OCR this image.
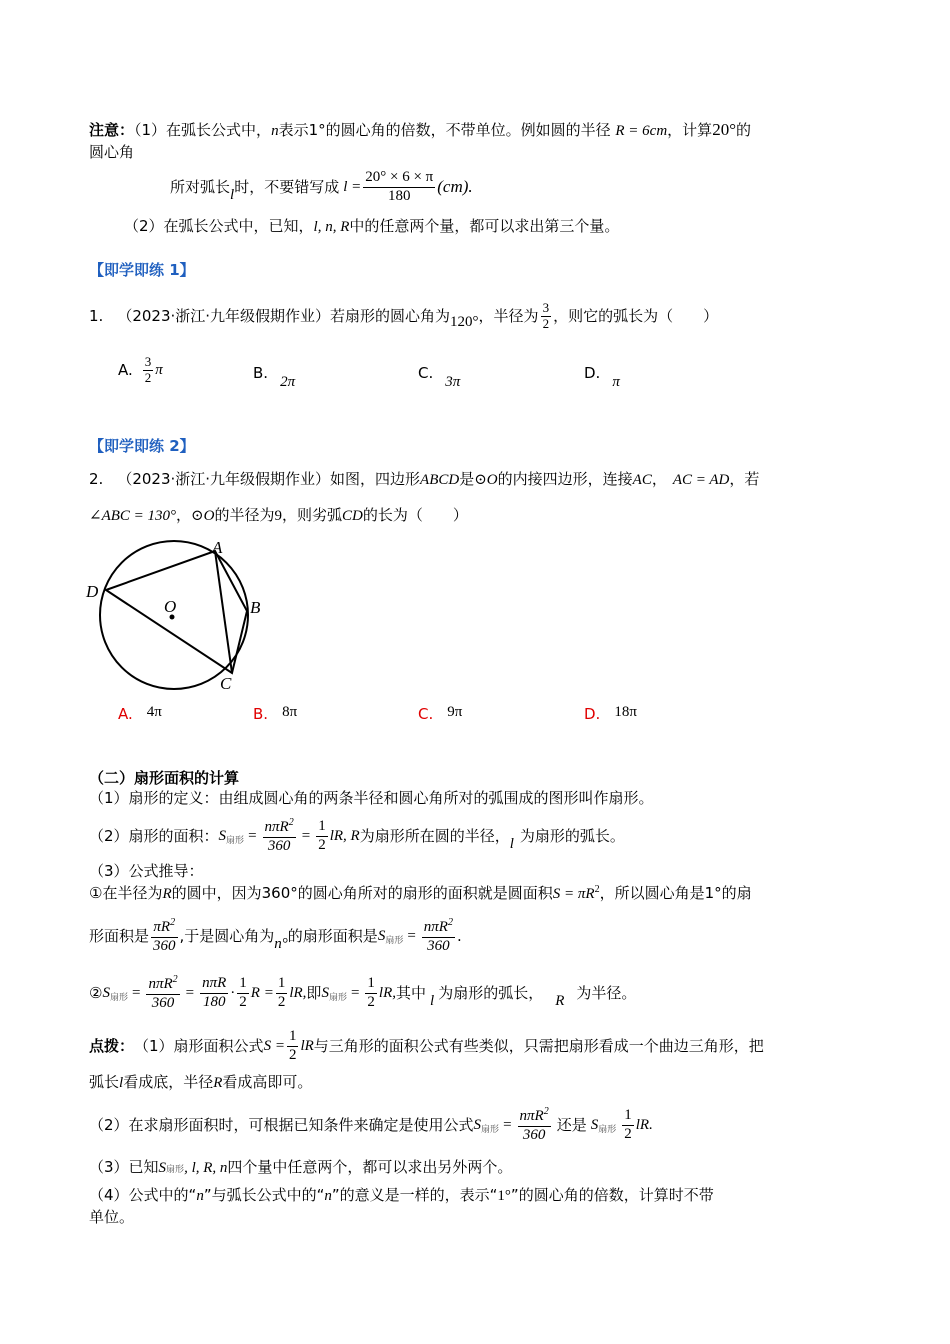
注意：（1）在弧长公式中，n表示1°的圆心角的倍数，不带单位。例如圆的半径 R = 6cm，计算20°的
圆心角
所对弧长 l 时，不要错写成 $l = \frac{20^\circ \times 6 \times \pi}{180} (cm)$.
（2）在弧长公式中，已知，l, n, R中的任意两个量，都可以求出第三个量。
【即学即练 1】
1. （2023·浙江·九年级假期作业） 若扇形的圆心角为 120° ，半径为 $\frac{3}{2}$ ，则它的弧长为（　　）
A. $\frac{3}{2}$ π	B. 2π	C. 3π	D. π
【即学即练 2】
2. （2023·浙江·九年级假期作业）如图，四边形ABCD是⊙O的内接四边形，连接AC， AC = AD，若
∠ABC = 130°，⊙O的半径为9，则劣弧CD的长为（　　）
A
B
C
D
O
A. 4π	B. 8π	C. 9π	D. 18π
（二）扇形面积的计算
（1）扇形的定义：由组成圆心角的两条半径和圆心角所对的弧围成的图形叫作扇形。
（2）扇形的面积： S 扇形 = $\frac{n\pi R^2}{360} = \frac{1}{2}$ lR, R 为扇形所在圆的半径， l 为扇形的弧长。
（3）公式推导：
①在半径为R的圆中，因为360°的圆心角所对的扇形的面积就是圆面积$S = \pi R^2$，所以圆心角是1°的扇
形面积是 $\frac{\pi R^2}{360}$ ,于是圆心角为 n° 的扇形面积是 S 扇形 = $\frac{n\pi R^2}{360}$ .
② S 扇形 = $\frac{n\pi R^2}{360} = \frac{\text{nπR}}{180} \cdot \frac{1}{2}$ $R = \frac{1}{2}$ lR, 即 S 扇形 = $\frac{1}{2}$ lR, 其中 l 为扇形的弧长， R 为半径。
点拨： （1）扇形面积公式 $S = \frac{1}{2}$ lR 与三角形的面积公式有些类似，只需把扇形看成一个曲边三角形，把
弧长l看成底，半径R看成高即可。
（2）在求扇形面积时，可根据已知条件来确定是使用公式 S 扇形 = $\frac{n\pi R^2}{360}$ 还是 S 扇形 $\frac{1}{2}$ lR.
（3）已知S扇形, l, R, n四个量中任意两个，都可以求出另外两个。
（4）公式中的“n”与弧长公式中的“n”的意义是一样的，表示“1°”的圆心角的倍数，计算时不带
单位。
